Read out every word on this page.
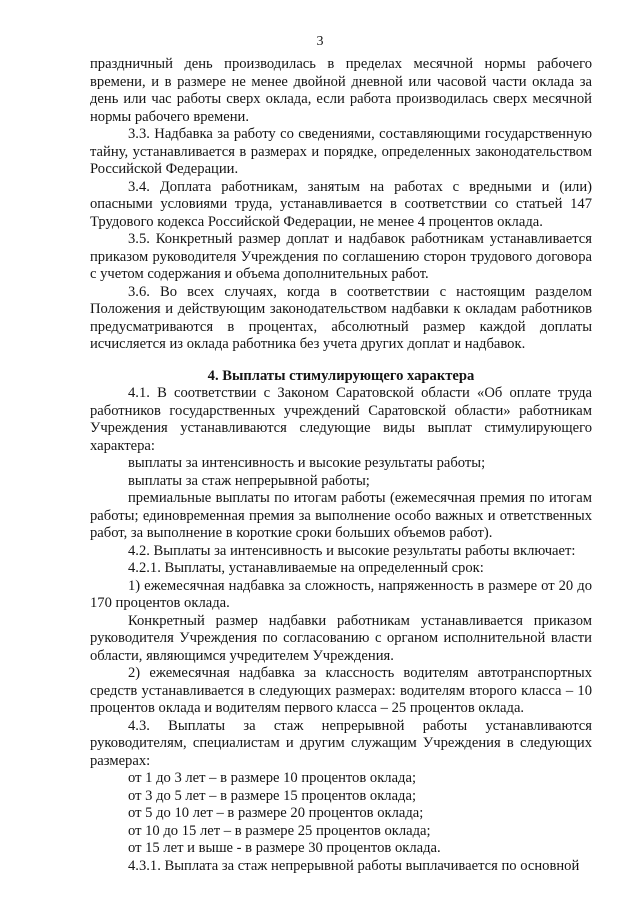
3

праздничный день производилась в пределах месячной нормы рабочего времени, и в размере не менее двойной дневной или часовой части оклада за день или час работы сверх оклада, если работа производилась сверх месячной нормы рабочего времени.

3.3. Надбавка за работу со сведениями, составляющими государственную тайну, устанавливается в размерах и порядке, определенных законодательством Российской Федерации.

3.4. Доплата работникам, занятым на работах с вредными и (или) опасными условиями труда, устанавливается в соответствии со статьей 147 Трудового кодекса Российской Федерации, не менее 4 процентов оклада.

3.5. Конкретный размер доплат и надбавок работникам устанавливается приказом руководителя Учреждения по соглашению сторон трудового договора с учетом содержания и объема дополнительных работ.

3.6. Во всех случаях, когда в соответствии с настоящим разделом Положения и действующим законодательством надбавки к окладам работников предусматриваются в процентах, абсолютный размер каждой доплаты исчисляется из оклада работника без учета других доплат и надбавок.

4. Выплаты стимулирующего характера

4.1. В соответствии с Законом Саратовской области «Об оплате труда работников государственных учреждений Саратовской области» работникам Учреждения устанавливаются следующие виды выплат стимулирующего характера:

выплаты за интенсивность и высокие результаты работы;

выплаты за стаж непрерывной работы;

премиальные выплаты по итогам работы (ежемесячная премия по итогам работы; единовременная премия за выполнение особо важных и ответственных работ, за выполнение в короткие сроки больших объемов работ).

4.2. Выплаты за интенсивность и высокие результаты работы включает:

4.2.1. Выплаты, устанавливаемые на определенный срок:

1) ежемесячная надбавка за сложность, напряженность в размере от 20 до 170 процентов оклада.

Конкретный размер надбавки работникам устанавливается приказом руководителя Учреждения по согласованию с органом исполнительной власти области, являющимся учредителем Учреждения.

2) ежемесячная надбавка за классность водителям автотранспортных средств устанавливается в следующих размерах: водителям второго класса – 10 процентов оклада и водителям первого класса – 25 процентов оклада.

4.3. Выплаты за стаж непрерывной работы устанавливаются руководителям, специалистам и другим служащим Учреждения в следующих размерах:

от 1 до 3 лет – в размере 10 процентов оклада;

от 3 до 5 лет – в размере 15 процентов оклада;

от 5 до 10 лет – в размере 20 процентов оклада;

от 10 до 15 лет – в размере 25 процентов оклада;

от 15 лет и выше - в размере 30 процентов оклада.

4.3.1. Выплата за стаж непрерывной работы выплачивается по основной
